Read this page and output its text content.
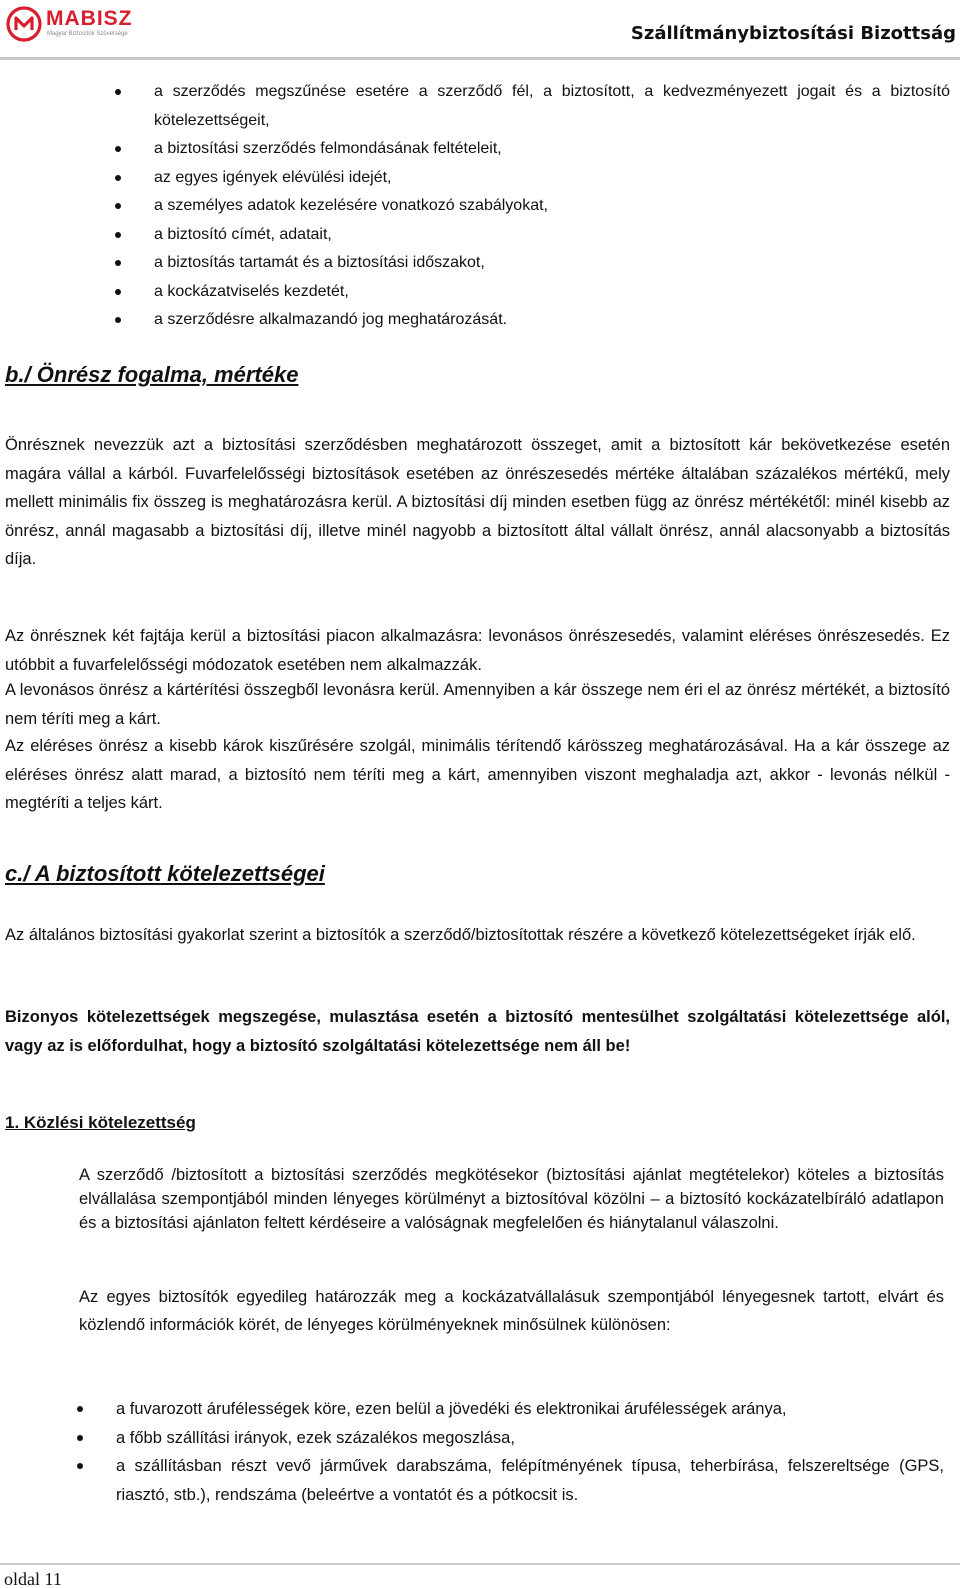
MABISZ
Magyar Biztosítók Szövetsége	Szállítmánybiztosítási Bizottság
a szerződés megszűnése esetére a szerződő fél, a biztosított, a kedvezményezett jogait és a biztosító kötelezettségeit,
a biztosítási szerződés felmondásának feltételeit,
az egyes igények elévülési idejét,
a személyes adatok kezelésére vonatkozó szabályokat,
a biztosító címét, adatait,
a biztosítás tartamát és a biztosítási időszakot,
a kockázatviselés kezdetét,
a szerződésre alkalmazandó jog meghatározását.
b./ Önrész fogalma, mértéke

Önrésznek nevezzük azt a biztosítási szerződésben meghatározott összeget, amit a biztosított kár bekövetkezése esetén magára vállal a kárból. Fuvarfelelősségi biztosítások esetében az önrészesedés mértéke általában százalékos mértékű, mely mellett minimális fix összeg is meghatározásra kerül. A biztosítási díj minden esetben függ az önrész mértékétől: minél kisebb az önrész, annál magasabb a biztosítási díj, illetve minél nagyobb a biztosított által vállalt önrész, annál alacsonyabb a biztosítás díja.

Az önrésznek két fajtája kerül a biztosítási piacon alkalmazásra: levonásos önrészesedés, valamint eléréses önrészesedés. Ez utóbbit a fuvarfelelősségi módozatok esetében nem alkalmazzák.

A levonásos önrész a kártérítési összegből levonásra kerül. Amennyiben a kár összege nem éri el az önrész mértékét, a biztosító nem téríti meg a kárt.

Az eléréses önrész a kisebb károk kiszűrésére szolgál, minimális térítendő kárösszeg meghatározásával. Ha a kár összege az eléréses önrész alatt marad, a biztosító nem téríti meg a kárt, amennyiben viszont meghaladja azt, akkor - levonás nélkül - megtéríti a teljes kárt.

c./ A biztosított kötelezettségei

Az általános biztosítási gyakorlat szerint a biztosítók a szerződő/biztosítottak részére a következő kötelezettségeket írják elő.

Bizonyos kötelezettségek megszegése, mulasztása esetén a biztosító mentesülhet szolgáltatási kötelezettsége alól, vagy az is előfordulhat, hogy a biztosító szolgáltatási kötelezettsége nem áll be!

1. Közlési kötelezettség

A szerződő /biztosított a biztosítási szerződés megkötésekor (biztosítási ajánlat megtételekor) köteles a biztosítás elvállalása szempontjából minden lényeges körülményt a biztosítóval közölni – a biztosító kockázatelbíráló adatlapon és a biztosítási ajánlaton feltett kérdéseire a valóságnak megfelelően és hiánytalanul válaszolni.

Az egyes biztosítók egyedileg határozzák meg a kockázatvállalásuk szempontjából lényegesnek tartott, elvárt és közlendő információk körét, de lényeges körülményeknek minősülnek különösen:

a fuvarozott árufélességek köre, ezen belül a jövedéki és elektronikai árufélességek aránya,
a főbb szállítási irányok, ezek százalékos megoszlása,
a szállításban részt vevő járművek darabszáma, felépítményének típusa, teherbírása, felszereltsége (GPS, riasztó, stb.), rendszáma (beleértve a vontatót és a pótkocsit is.
oldal 11
